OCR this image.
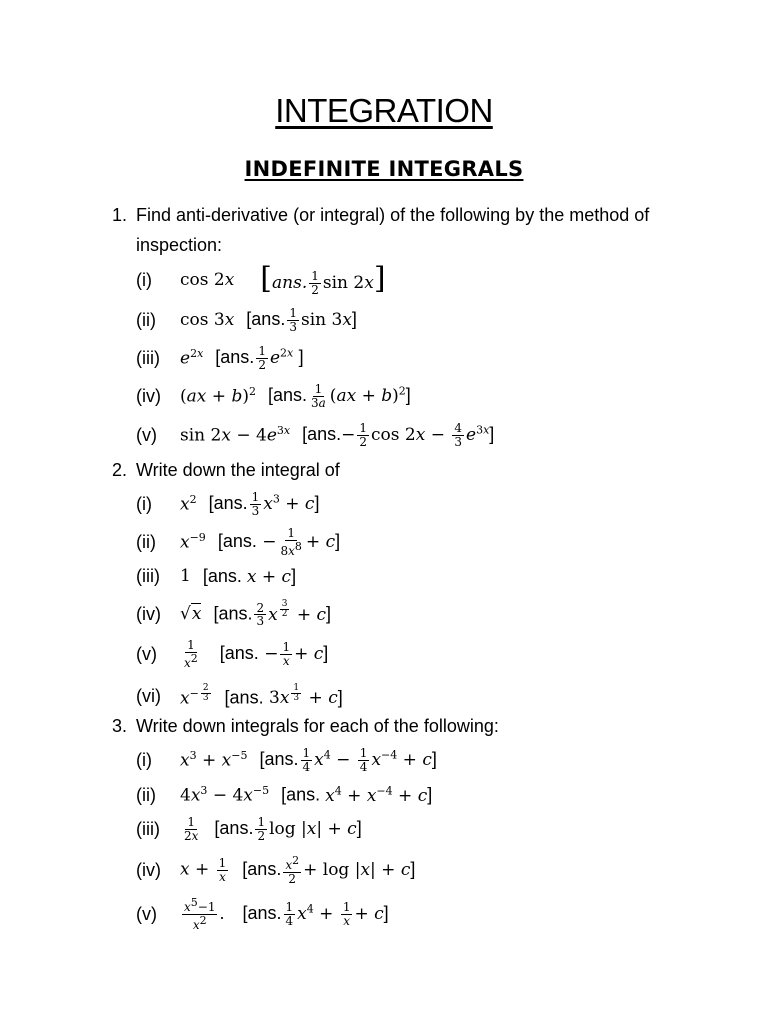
INTEGRATION
INDEFINITE INTEGRALS
1. Find anti-derivative (or integral) of the following by the method of inspection:
(i)	cos 2x [ans. $\frac{1}{2}$ sin 2x]
(ii)	cos 3x [ans. $\frac{1}{3}$ sin 3x]
(iii)	$e^{2x}$ [ans. $\frac{1}{2} e^{2x}$ ]
(iv)	(ax + b)$^2$ [ans. $\frac{1}{3a} (ax + b)^2$]
(v)	$\sin 2x - 4e^{3x}$ [$ans.- \frac{1}{2}$ $\cos 2x - \frac{4}{3} e^{3x}$]
2. Write down the integral of
(i)	$x^2$ [ans. $\frac{1}{3} x^3 + c$]
(ii)	$x^{-9}$ [ans. − $\frac{1}{8x^8} + c$]
(iii)	1 [ans. x + c]
(iv)	√x [ans. $\frac{2}{3}$ x $^{\frac{3}{2}}$ + c]
(v)	$\frac{1}{x^2} [ans$. − $\frac{1}{x} + c$]
(vi)	$x^{- \frac{2}{3}}$ [ans. 3x $^{\frac{1}{3}}$ + c]
3. Write down integrals for each of the following:
(i)	$x^3 + x^{-5}$ [ans. $\frac{1}{4} x^4 - \frac{1}{4} x^{-4} + c$]
(ii)	$4x^3 - 4x^{-5}$ [ans. $x^4 + x^{-4} + c$]
(iii)	$\frac{1}{2x} [ans$. $\frac{1}{2}$ log |x| + c]
(iv)	$x + \frac{1}{x} [ans$. $\frac{x^2}{2} + \log |x| + c$]
(v)	$\frac{x^5-1}{x^2}$ . [ans. $\frac{1}{4} x^4 + \frac{1}{x} + c$]
